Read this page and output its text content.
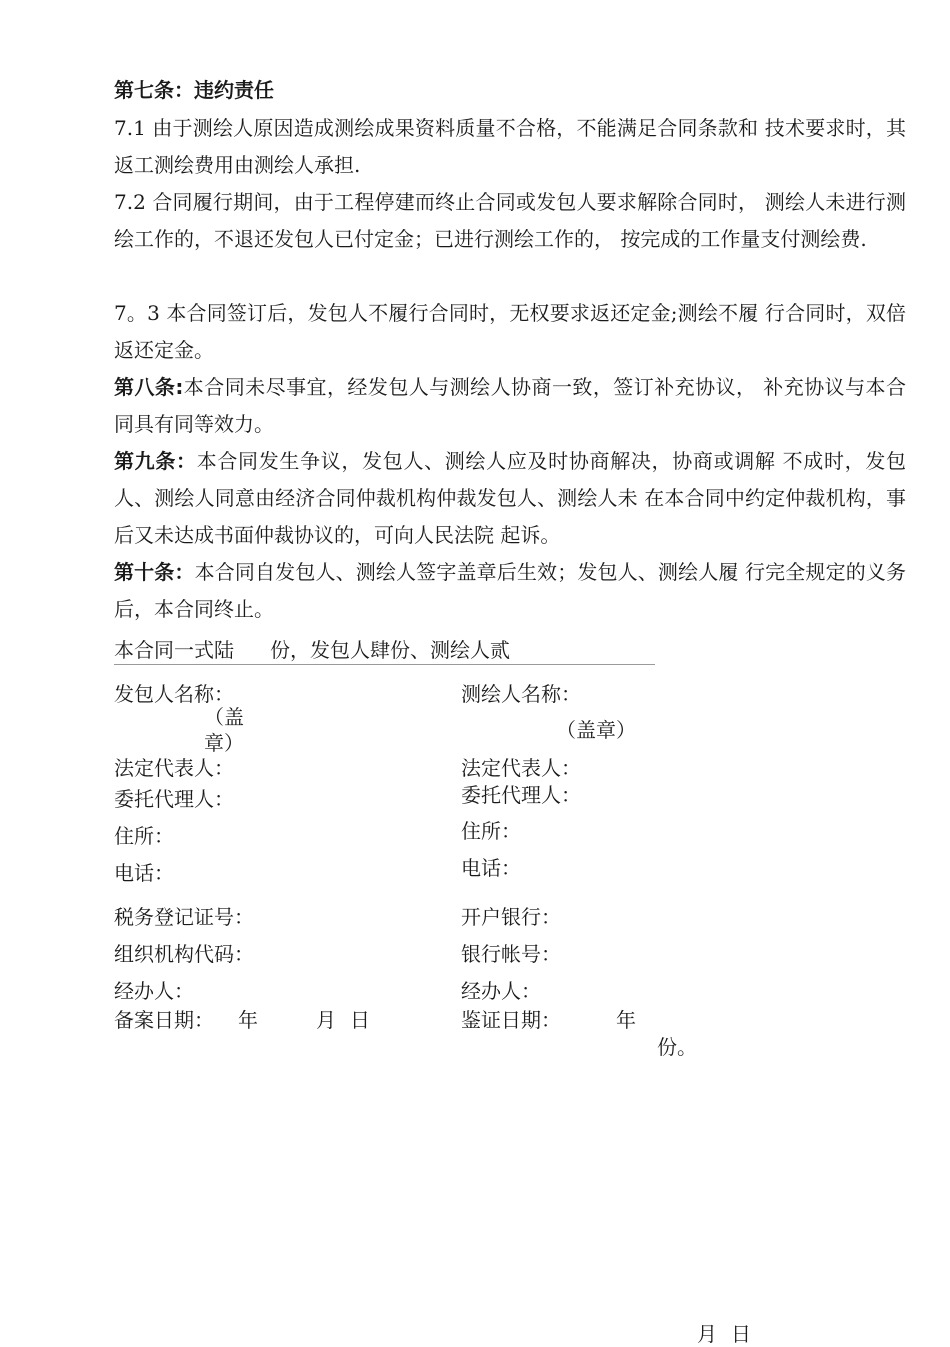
第七条：违约责任
7.1 由于测绘人原因造成测绘成果资料质量不合格，不能满足合同条款和 技术要求时，其返工测绘费用由测绘人承担.
7.2 合同履行期间，由于工程停建而终止合同或发包人要求解除合同时， 测绘人未进行测绘工作的，不退还发包人已付定金；已进行测绘工作的， 按完成的工作量支付测绘费.
7。3 本合同签订后，发包人不履行合同时，无权要求返还定金;测绘不履 行合同时，双倍返还定金。
第八条:本合同未尽事宜，经发包人与测绘人协商一致，签订补充协议， 补充协议与本合同具有同等效力。
第九条：本合同发生争议，发包人、测绘人应及时协商解决，协商或调解 不成时，发包人、测绘人同意由经济合同仲裁机构仲裁发包人、测绘人未 在本合同中约定仲裁机构，事后又未达成书面仲裁协议的，可向人民法院 起诉。
第十条：本合同自发包人、测绘人签字盖章后生效；发包人、测绘人履 行完全规定的义务后，本合同终止。
本合同一式陆 份，发包人肆份、测绘人贰
发包人名称：
（盖章）
法定代表人：
委托代理人：
住所：
电话：
税务登记证号：
组织机构代码：
经办人：
备案日期： 年	月 日
测绘人名称：
（盖章）
法定代表人：
委托代理人：
住所：
电话：
开户银行：
银行帐号：
经办人：
鉴证日期：	年
份。
月 日
